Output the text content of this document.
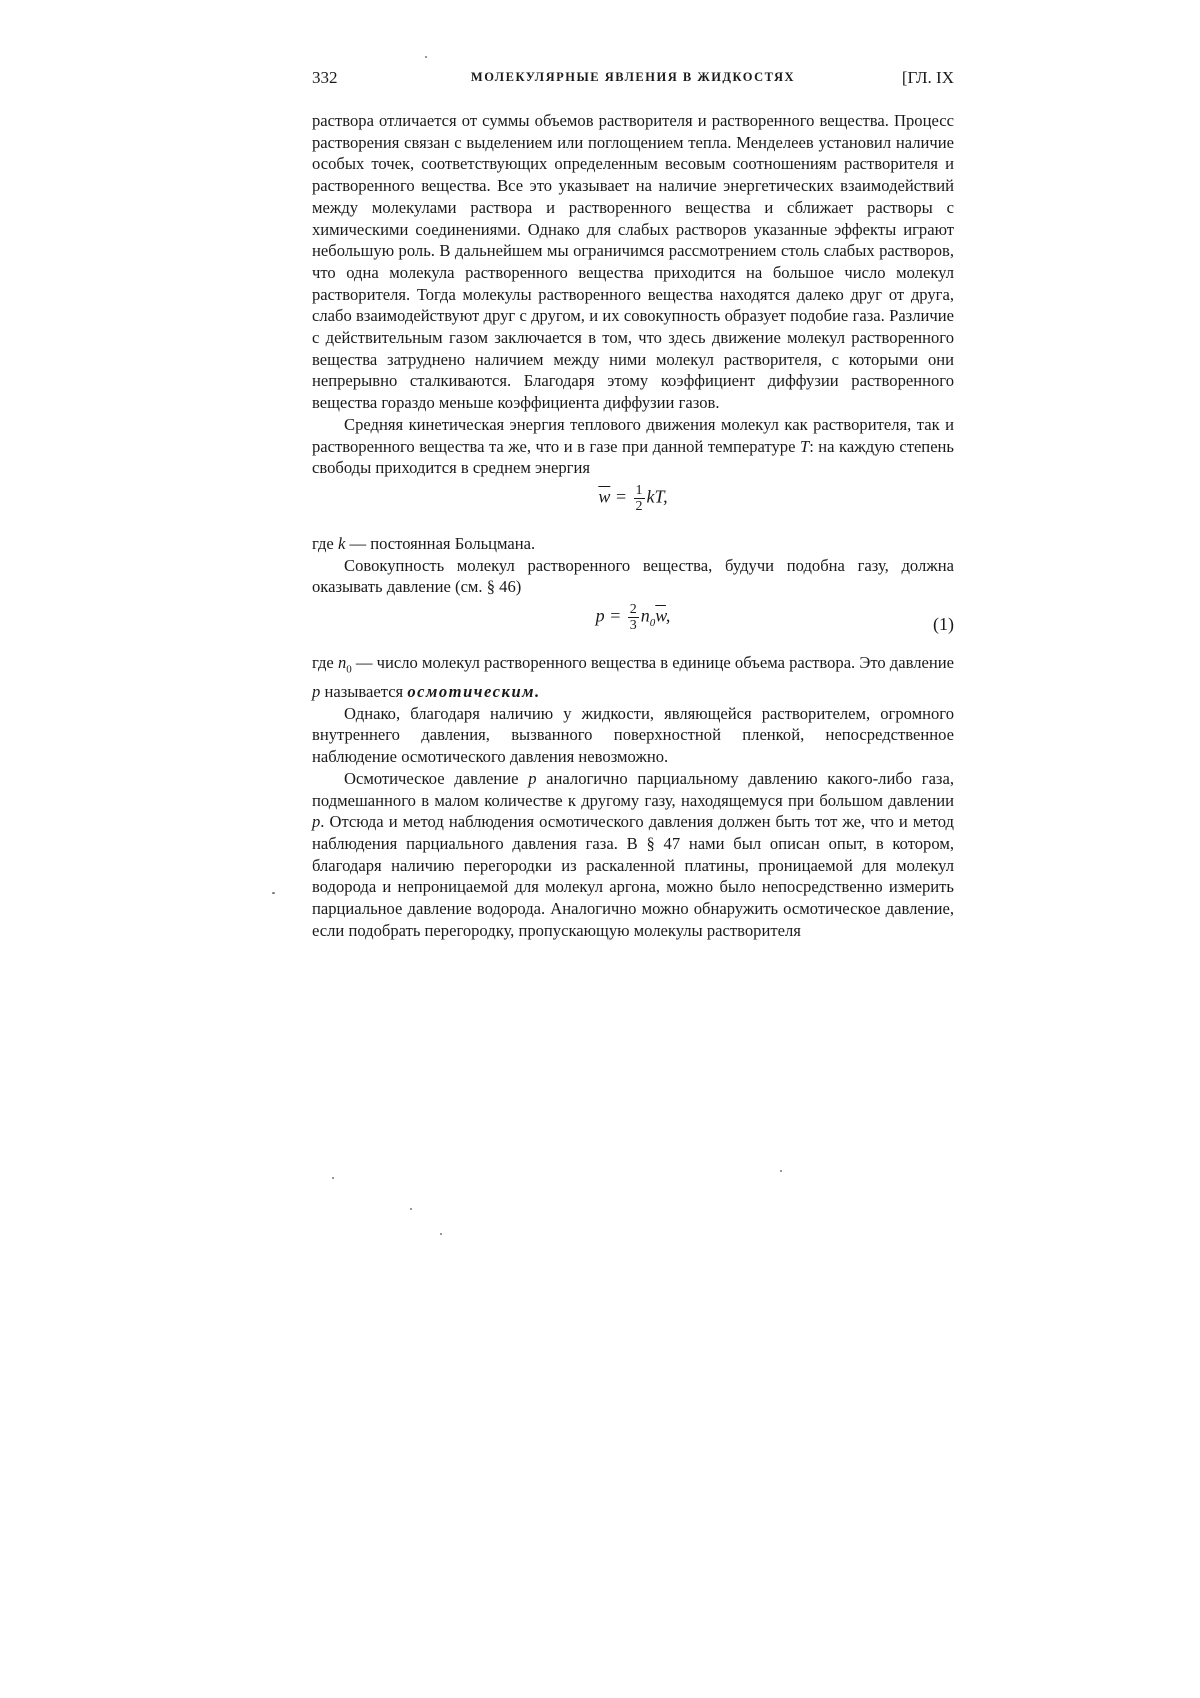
332	МОЛЕКУЛЯРНЫЕ ЯВЛЕНИЯ В ЖИДКОСТЯХ	[ГЛ. IX

раствора отличается от суммы объемов растворителя и растворенного вещества. Процесс растворения связан с выделением или поглощением тепла. Менделеев установил наличие особых точек, соответствующих определенным весовым соотношениям растворителя и растворенного вещества. Все это указывает на наличие энергетических взаимодействий между молекулами раствора и растворенного вещества и сближает растворы с химическими соединениями. Однако для слабых растворов указанные эффекты играют небольшую роль. В дальнейшем мы ограничимся рассмотрением столь слабых растворов, что одна молекула растворенного вещества приходится на большое число молекул растворителя. Тогда молекулы растворенного вещества находятся далеко друг от друга, слабо взаимодействуют друг с другом, и их совокупность образует подобие газа. Различие с действительным газом заключается в том, что здесь движение молекул растворенного вещества затруднено наличием между ними молекул растворителя, с которыми они непрерывно сталкиваются. Благодаря этому коэффициент диффузии растворенного вещества гораздо меньше коэффициента диффузии газов.

Средняя кинетическая энергия теплового движения молекул как растворителя, так и растворенного вещества та же, что и в газе при данной температуре T: на каждую степень свободы приходится в среднем энергия

$\overline{w} = \frac{1}{2}$ kT,

где k — постоянная Больцмана.

Совокупность молекул растворенного вещества, будучи подобна газу, должна оказывать давление (см. § 46)

$p = \frac{2}{3} n_0\overline{w}$,	(1)

где $n_0$ — число молекул растворенного вещества в единице объема раствора. Это давление p называется осмотическим.

Однако, благодаря наличию у жидкости, являющейся растворителем, огромного внутреннего давления, вызванного поверхностной пленкой, непосредственное наблюдение осмотического давления невозможно.

Осмотическое давление p аналогично парциальному давлению какого-либо газа, подмешанного в малом количестве к другому газу, находящемуся при большом давлении p. Отсюда и метод наблюдения осмотического давления должен быть тот же, что и метод наблюдения парциального давления газа. В § 47 нами был описан опыт, в котором, благодаря наличию перегородки из раскаленной платины, проницаемой для молекул водорода и непроницаемой для молекул аргона, можно было непосредственно измерить парциальное давление водорода. Аналогично можно обнаружить осмотическое давление, если подобрать перегородку, пропускающую молекулы растворителя
